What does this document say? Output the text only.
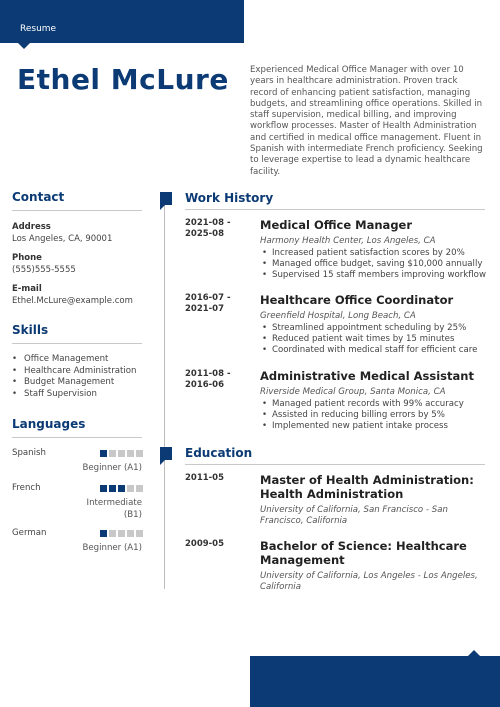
Resume
Ethel McLure Experienced Medical Office Manager with over 10 years in healthcare administration. Proven track record of enhancing patient satisfaction, managing budgets, and streamlining office operations. Skilled in staff supervision, medical billing, and improving workflow processes. Master of Health Administration and certified in medical office management. Fluent in Spanish with intermediate French proficiency. Seeking to leverage expertise to lead a dynamic healthcare facility.
Contact
Address
Los Angeles, CA, 90001
Phone
(555)555-5555
E-mail
Ethel.McLure@example.com
Skills
• Office Management
• Healthcare Administration
• Budget Management
• Staff Supervision
Languages
Spanish
Beginner (A1)
French
Intermediate (B1)
German
Beginner (A1)
Work History
2021-08 - 2025-08
Medical Office Manager
Harmony Health Center, Los Angeles, CA
• Increased patient satisfaction scores by 20%
• Managed office budget, saving $10,000 annually
• Supervised 15 staff members improving workflow
2016-07 - 2021-07
Healthcare Office Coordinator
Greenfield Hospital, Long Beach, CA
• Streamlined appointment scheduling by 25%
• Reduced patient wait times by 15 minutes
• Coordinated with medical staff for efficient care
2011-08 - 2016-06
Administrative Medical Assistant
Riverside Medical Group, Santa Monica, CA
• Managed patient records with 99% accuracy
• Assisted in reducing billing errors by 5%
• Implemented new patient intake process
Education
2011-05	Master of Health Administration: Health Administration
University of California, San Francisco - San Francisco, California
2009-05	Bachelor of Science: Healthcare Management
University of California, Los Angeles - Los Angeles, California
